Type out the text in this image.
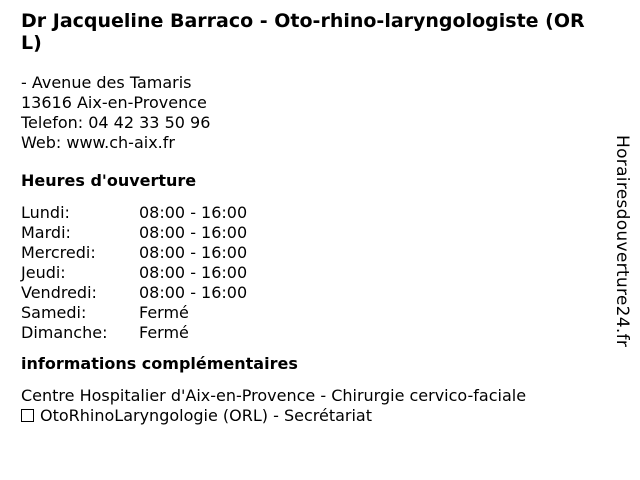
Dr Jacqueline Barraco - Oto-rhino-laryngologiste (ORL)
- Avenue des Tamaris
13616 Aix-en-Provence
Telefon: 04 42 33 50 96
Web: www.ch-aix.fr
Heures d'ouverture
Lundi:	08:00 - 16:00
Mardi:	08:00 - 16:00
Mercredi:	08:00 - 16:00
Jeudi:	08:00 - 16:00
Vendredi:	08:00 - 16:00
Samedi:	Fermé
Dimanche:	Fermé
informations complémentaires
Centre Hospitalier d'Aix-en-Provence - Chirurgie cervico-faciale
OtoRhinoLaryngologie (ORL) - Secrétariat
Horairesdouverture24.fr
